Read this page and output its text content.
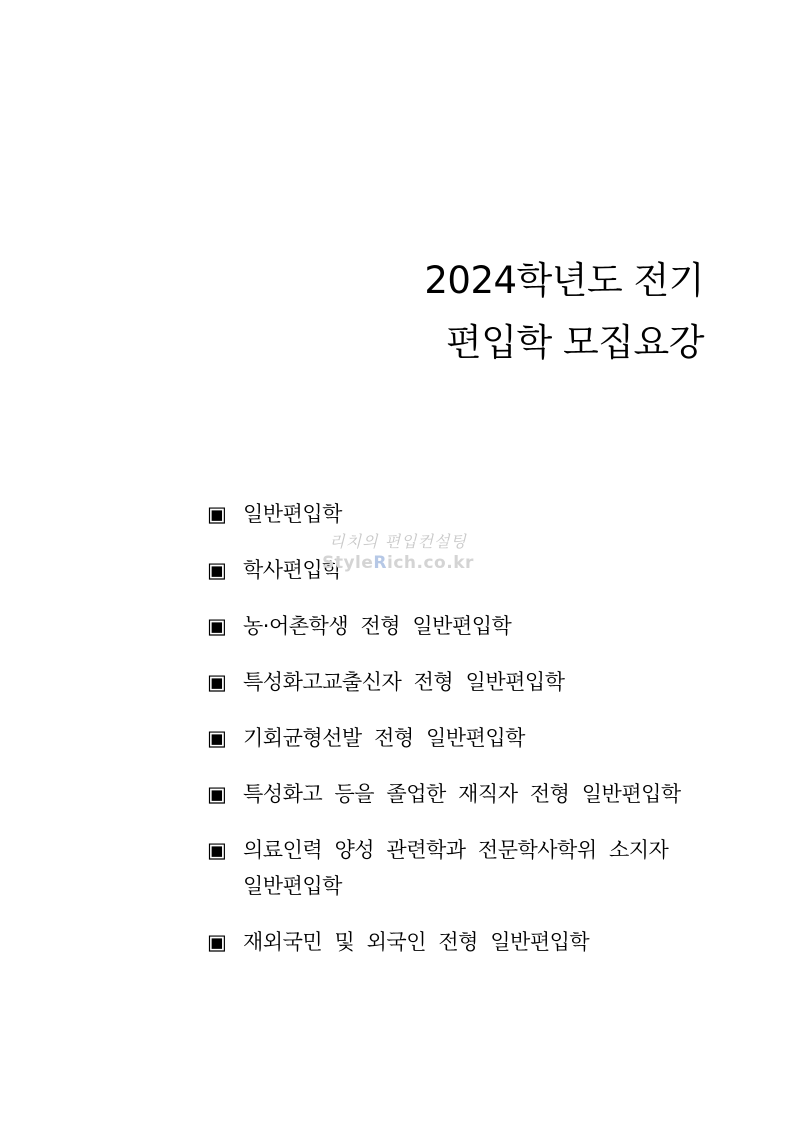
2024학년도 전기
편입학 모집요강
▣ 일반편입학
▣ 학사편입학
▣ 농·어촌학생  전형  일반편입학
▣ 특성화고교출신자  전형  일반편입학
▣ 기회균형선발  전형  일반편입학
▣ 특성화고  등을  졸업한  재직자  전형  일반편입학
▣ 의료인력  양성  관련학과  전문학사학위  소지자
일반편입학
▣ 재외국민  및  외국인  전형  일반편입학
리치의 편입컨설팅
StyleRich.co.kr
